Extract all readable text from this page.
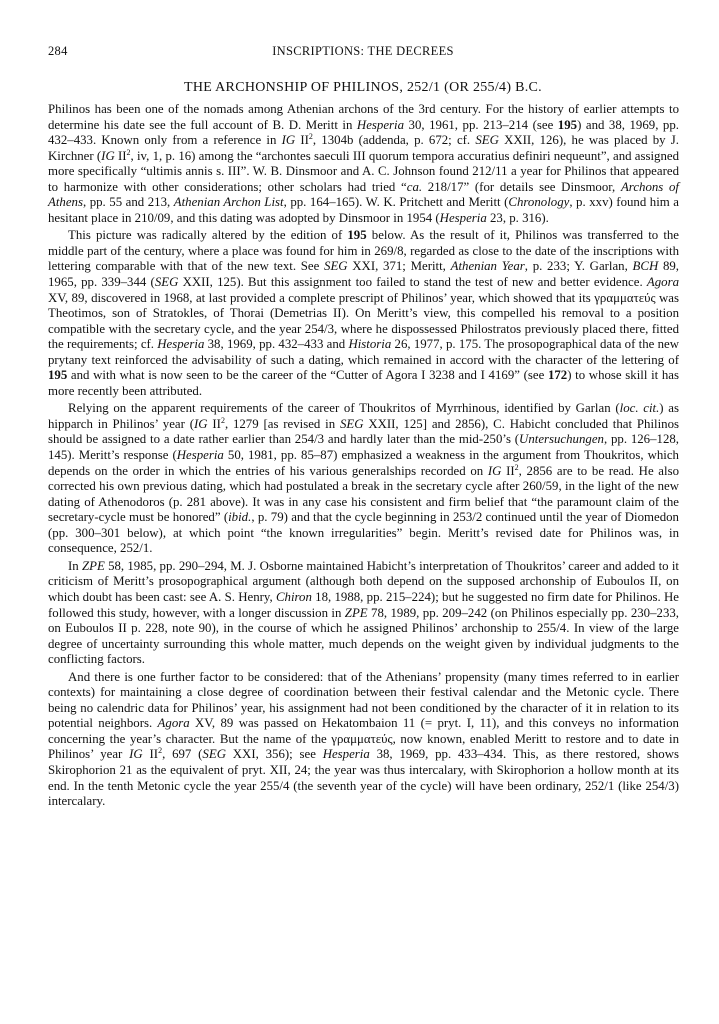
284	INSCRIPTIONS: THE DECREES
THE ARCHONSHIP OF PHILINOS, 252/1 (OR 255/4) B.C.

Philinos has been one of the nomads among Athenian archons of the 3rd century. For the history of earlier attempts to determine his date see the full account of B. D. Meritt in Hesperia 30, 1961, pp. 213–214 (see 195) and 38, 1969, pp. 432–433. Known only from a reference in IG $II^2$, 1304b (addenda, p. 672; cf. SEG XXII, 126), he was placed by J. Kirchner (IG $II^2$, iv, 1, p. 16) among the “archontes saeculi III quorum tempora accuratius definiri nequeunt”, and assigned more specifically “ultimis annis s. III”. W. B. Dinsmoor and A. C. Johnson found 212/11 a year for Philinos that appeared to harmonize with other considerations; other scholars had tried “ca. 218/17” (for details see Dinsmoor, Archons of Athens, pp. 55 and 213, Athenian Archon List, pp. 164–165). W. K. Pritchett and Meritt (Chronology, p. xxv) found him a hesitant place in 210/09, and this dating was adopted by Dinsmoor in 1954 (Hesperia 23, p. 316).

This picture was radically altered by the edition of 195 below. As the result of it, Philinos was transferred to the middle part of the century, where a place was found for him in 269/8, regarded as close to the date of the inscriptions with lettering comparable with that of the new text. See SEG XXI, 371; Meritt, Athenian Year, p. 233; Y. Garlan, BCH 89, 1965, pp. 339–344 (SEG XXII, 125). But this assignment too failed to stand the test of new and better evidence. Agora XV, 89, discovered in 1968, at last provided a complete prescript of Philinos’ year, which showed that its γραμματεύς was Theotimos, son of Stratokles, of Thorai (Demetrias II). On Meritt’s view, this compelled his removal to a position compatible with the secretary cycle, and the year 254/3, where he dispossessed Philostratos previously placed there, fitted the requirements; cf. Hesperia 38, 1969, pp. 432–433 and Historia 26, 1977, p. 175. The prosopographical data of the new prytany text reinforced the advisability of such a dating, which remained in accord with the character of the lettering of 195 and with what is now seen to be the career of the “Cutter of Agora I 3238 and I 4169” (see 172) to whose skill it has more recently been attributed.

Relying on the apparent requirements of the career of Thoukritos of Myrrhinous, identified by Garlan (loc. cit.) as hipparch in Philinos’ year (IG $II^2$, 1279 [as revised in SEG XXII, 125] and 2856), C. Habicht concluded that Philinos should be assigned to a date rather earlier than 254/3 and hardly later than the mid-250’s (Untersuchungen, pp. 126–128, 145). Meritt’s response (Hesperia 50, 1981, pp. 85–87) emphasized a weakness in the argument from Thoukritos, which depends on the order in which the entries of his various generalships recorded on IG $II^2$, 2856 are to be read. He also corrected his own previous dating, which had postulated a break in the secretary cycle after 260/59, in the light of the new dating of Athenodoros (p. 281 above). It was in any case his consistent and firm belief that “the paramount claim of the secretary-cycle must be honored” (ibid., p. 79) and that the cycle beginning in 253/2 continued until the year of Diomedon (pp. 300–301 below), at which point “the known irregularities” begin. Meritt’s revised date for Philinos was, in consequence, 252/1.

In ZPE 58, 1985, pp. 290–294, M. J. Osborne maintained Habicht’s interpretation of Thoukritos’ career and added to it criticism of Meritt’s prosopographical argument (although both depend on the supposed archonship of Euboulos II, on which doubt has been cast: see A. S. Henry, Chiron 18, 1988, pp. 215–224); but he suggested no firm date for Philinos. He followed this study, however, with a longer discussion in ZPE 78, 1989, pp. 209–242 (on Philinos especially pp. 230–233, on Euboulos II p. 228, note 90), in the course of which he assigned Philinos’ archonship to 255/4. In view of the large degree of uncertainty surrounding this whole matter, much depends on the weight given by individual judgments to the conflicting factors.

And there is one further factor to be considered: that of the Athenians’ propensity (many times referred to in earlier contexts) for maintaining a close degree of coordination between their festival calendar and the Metonic cycle. There being no calendric data for Philinos’ year, his assignment had not been conditioned by the character of it in relation to its potential neighbors. Agora XV, 89 was passed on Hekatombaion 11 (= pryt. I, 11), and this conveys no information concerning the year’s character. But the name of the γραμματεύς, now known, enabled Meritt to restore and to date in Philinos’ year IG $II^2$, 697 (SEG XXI, 356); see Hesperia 38, 1969, pp. 433–434. This, as there restored, shows Skirophorion 21 as the equivalent of pryt. XII, 24; the year was thus intercalary, with Skirophorion a hollow month at its end. In the tenth Metonic cycle the year 255/4 (the seventh year of the cycle) will have been ordinary, 252/1 (like 254/3) intercalary.
